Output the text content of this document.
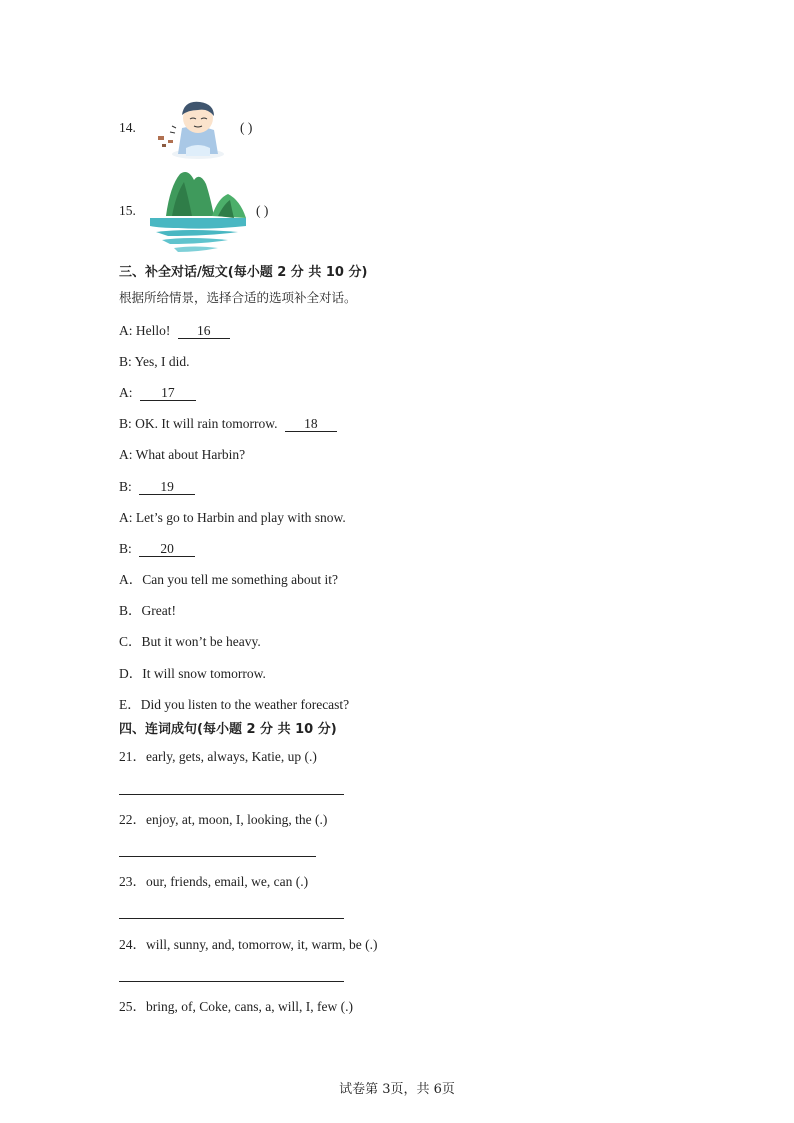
14.	( )
15.	( )
三、补全对话/短文(每小题 2 分 共 10 分)
根据所给情景，选择合适的选项补全对话。
A: Hello! 16
B: Yes, I did.
A: 17
B: OK. It will rain tomorrow. 18
A: What about Harbin?
B: 19
A: Let’s go to Harbin and play with snow.
B: 20
A．Can you tell me something about it?
B．Great!
C．But it won’t be heavy.
D．It will snow tomorrow.
E．Did you listen to the weather forecast?
四、连词成句(每小题 2 分 共 10 分)
21．early, gets, always, Katie, up (.)
22．enjoy, at, moon, I, looking, the (.)
23．our, friends, email, we, can (.)
24．will, sunny, and, tomorrow, it, warm, be (.)
25．bring, of, Coke, cans, a, will, I, few (.)
试卷第 3页，共 6页
